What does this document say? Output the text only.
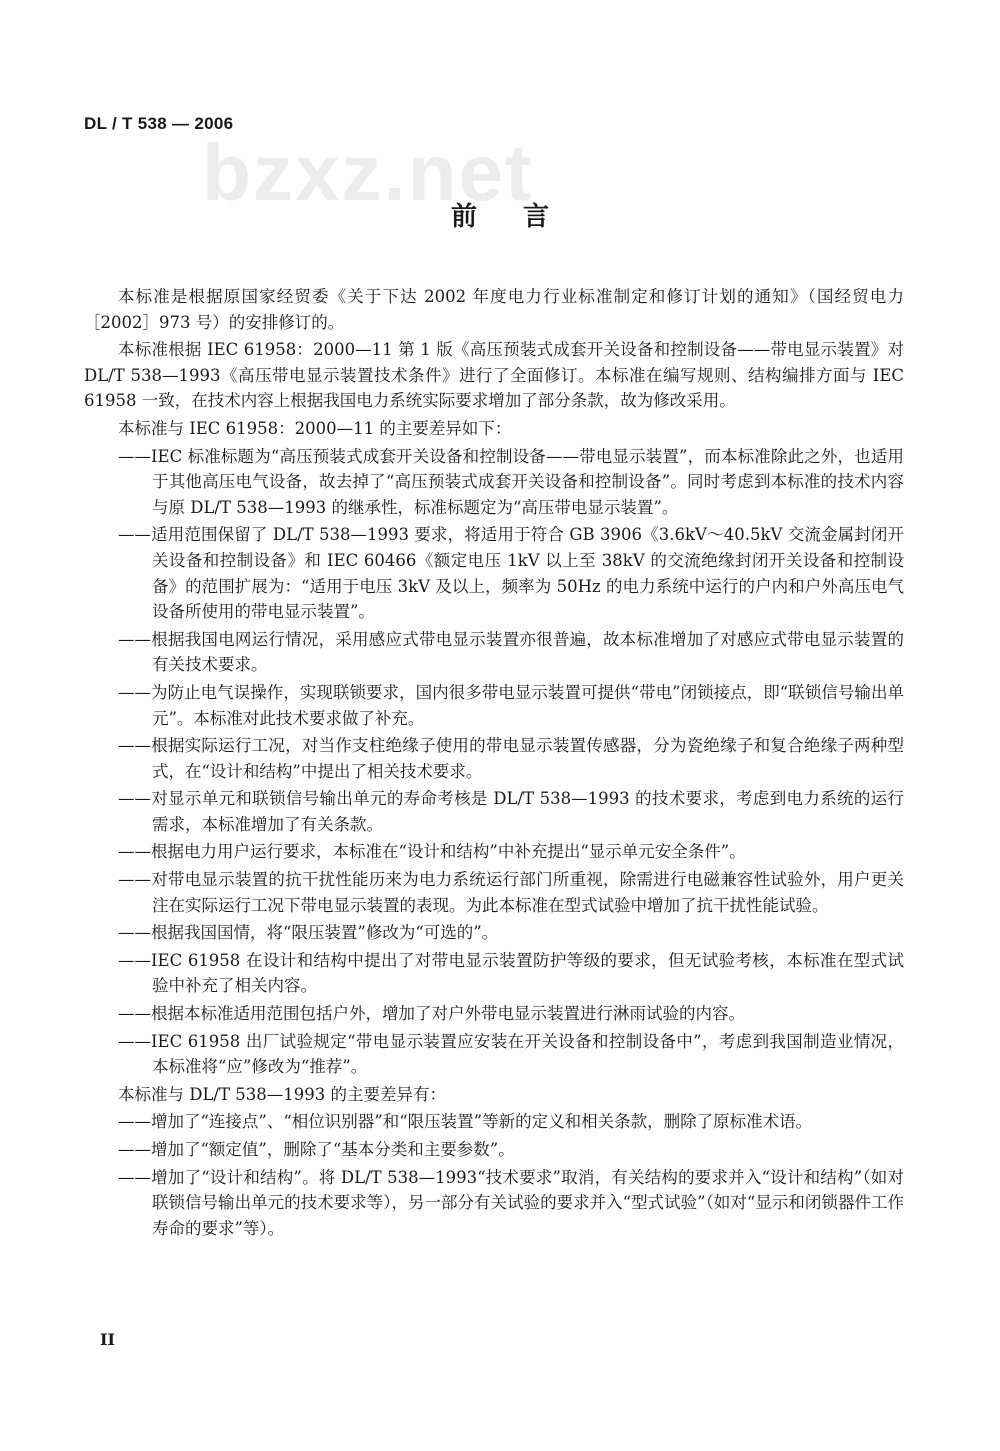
bzxz.net
DL / T 538 — 2006
前言

本标准是根据原国家经贸委《关于下达 2002 年度电力行业标准制定和修订计划的通知》（国经贸电力［2002］973 号）的安排修订的。

本标准根据 IEC 61958：2000—11 第 1 版《高压预装式成套开关设备和控制设备——带电显示装置》对 DL/T 538—1993《高压带电显示装置技术条件》进行了全面修订。本标准在编写规则、结构编排方面与 IEC 61958 一致，在技术内容上根据我国电力系统实际要求增加了部分条款，故为修改采用。

本标准与 IEC 61958：2000—11 的主要差异如下：

——IEC 标准标题为“高压预装式成套开关设备和控制设备——带电显示装置”，而本标准除此之外，也适用于其他高压电气设备，故去掉了“高压预装式成套开关设备和控制设备”。同时考虑到本标准的技术内容与原 DL/T 538—1993 的继承性，标准标题定为“高压带电显示装置”。

——适用范围保留了 DL/T 538—1993 要求，将适用于符合 GB 3906《3.6kV～40.5kV 交流金属封闭开关设备和控制设备》和 IEC 60466《额定电压 1kV 以上至 38kV 的交流绝缘封闭开关设备和控制设备》的范围扩展为：“适用于电压 3kV 及以上，频率为 50Hz 的电力系统中运行的户内和户外高压电气设备所使用的带电显示装置”。

——根据我国电网运行情况，采用感应式带电显示装置亦很普遍，故本标准增加了对感应式带电显示装置的有关技术要求。

——为防止电气误操作，实现联锁要求，国内很多带电显示装置可提供“带电”闭锁接点，即“联锁信号输出单元”。本标准对此技术要求做了补充。

——根据实际运行工况，对当作支柱绝缘子使用的带电显示装置传感器，分为瓷绝缘子和复合绝缘子两种型式，在“设计和结构”中提出了相关技术要求。

——对显示单元和联锁信号输出单元的寿命考核是 DL/T 538—1993 的技术要求，考虑到电力系统的运行需求，本标准增加了有关条款。

——根据电力用户运行要求，本标准在“设计和结构”中补充提出“显示单元安全条件”。

——对带电显示装置的抗干扰性能历来为电力系统运行部门所重视，除需进行电磁兼容性试验外，用户更关注在实际运行工况下带电显示装置的表现。为此本标准在型式试验中增加了抗干扰性能试验。

——根据我国国情，将“限压装置”修改为“可选的”。

——IEC 61958 在设计和结构中提出了对带电显示装置防护等级的要求，但无试验考核，本标准在型式试验中补充了相关内容。

——根据本标准适用范围包括户外，增加了对户外带电显示装置进行淋雨试验的内容。

——IEC 61958 出厂试验规定“带电显示装置应安装在开关设备和控制设备中”，考虑到我国制造业情况，本标准将“应”修改为“推荐”。

本标准与 DL/T 538—1993 的主要差异有：

——增加了“连接点”、“相位识别器”和“限压装置”等新的定义和相关条款，删除了原标准术语。

——增加了“额定值”，删除了“基本分类和主要参数”。

——增加了“设计和结构”。将 DL/T 538—1993“技术要求”取消，有关结构的要求并入“设计和结构”（如对联锁信号输出单元的技术要求等），另一部分有关试验的要求并入“型式试验”（如对“显示和闭锁器件工作寿命的要求”等）。

II
